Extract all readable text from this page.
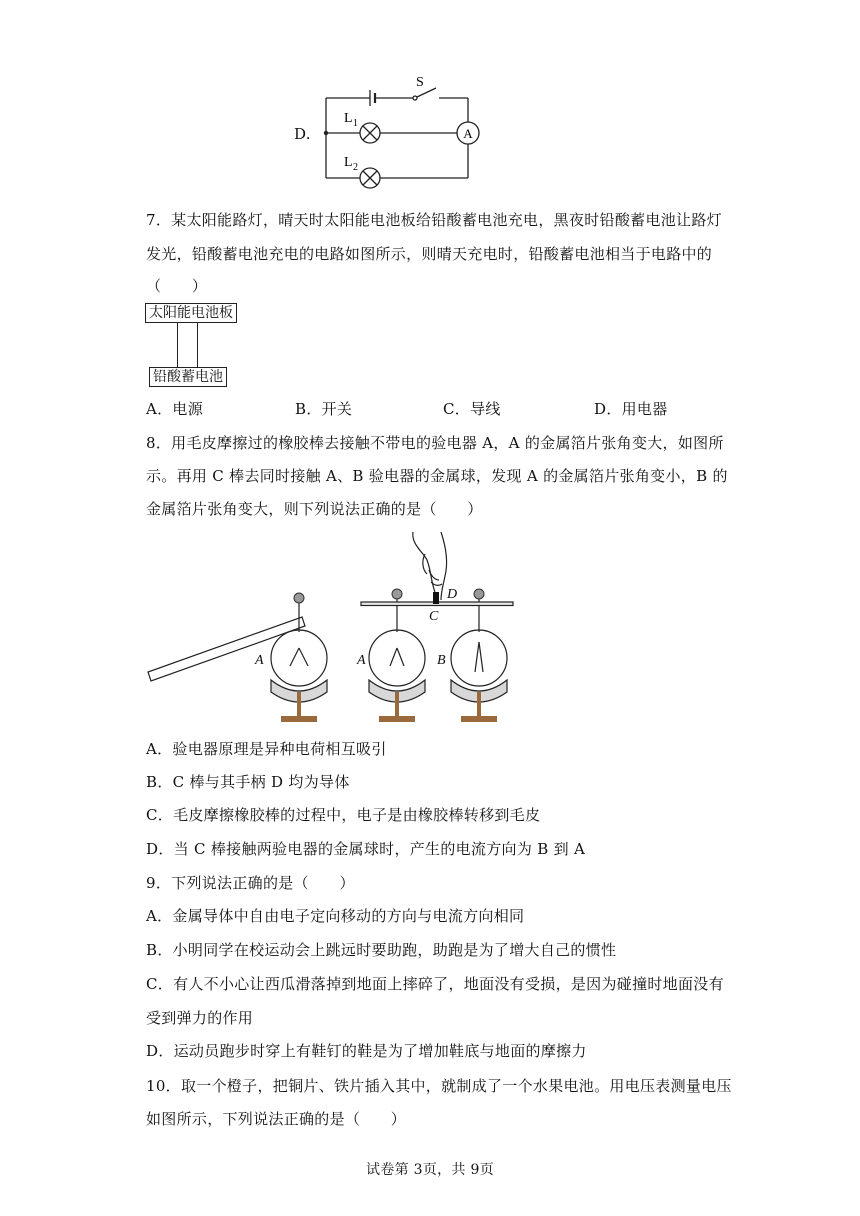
D.
S
A
L 1
L 2
7．某太阳能路灯，晴天时太阳能电池板给铅酸蓄电池充电，黑夜时铅酸蓄电池让路灯
发光，铅酸蓄电池充电的电路如图所示，则晴天充电时，铅酸蓄电池相当于电路中的
（　　）
太阳能电池板
铅酸蓄电池
A．电源	B．开关	C．导线	D．用电器
8．用毛皮摩擦过的橡胶棒去接触不带电的验电器 A，A 的金属箔片张角变大，如图所
示。再用 C 棒去同时接触 A、B 验电器的金属球，发现 A 的金属箔片张角变小，B 的
金属箔片张角变大，则下列说法正确的是（　　）
A	A	B
C
D
A．验电器原理是异种电荷相互吸引
B．C 棒与其手柄 D 均为导体
C．毛皮摩擦橡胶棒的过程中，电子是由橡胶棒转移到毛皮
D．当 C 棒接触两验电器的金属球时，产生的电流方向为 B 到 A
9．下列说法正确的是（　　）
A．金属导体中自由电子定向移动的方向与电流方向相同
B．小明同学在校运动会上跳远时要助跑，助跑是为了增大自己的惯性
C．有人不小心让西瓜滑落掉到地面上摔碎了，地面没有受损，是因为碰撞时地面没有
受到弹力的作用
D．运动员跑步时穿上有鞋钉的鞋是为了增加鞋底与地面的摩擦力
10．取一个橙子，把铜片、铁片插入其中，就制成了一个水果电池。用电压表测量电压
如图所示，下列说法正确的是（　　）
试卷第 3页，共 9页
